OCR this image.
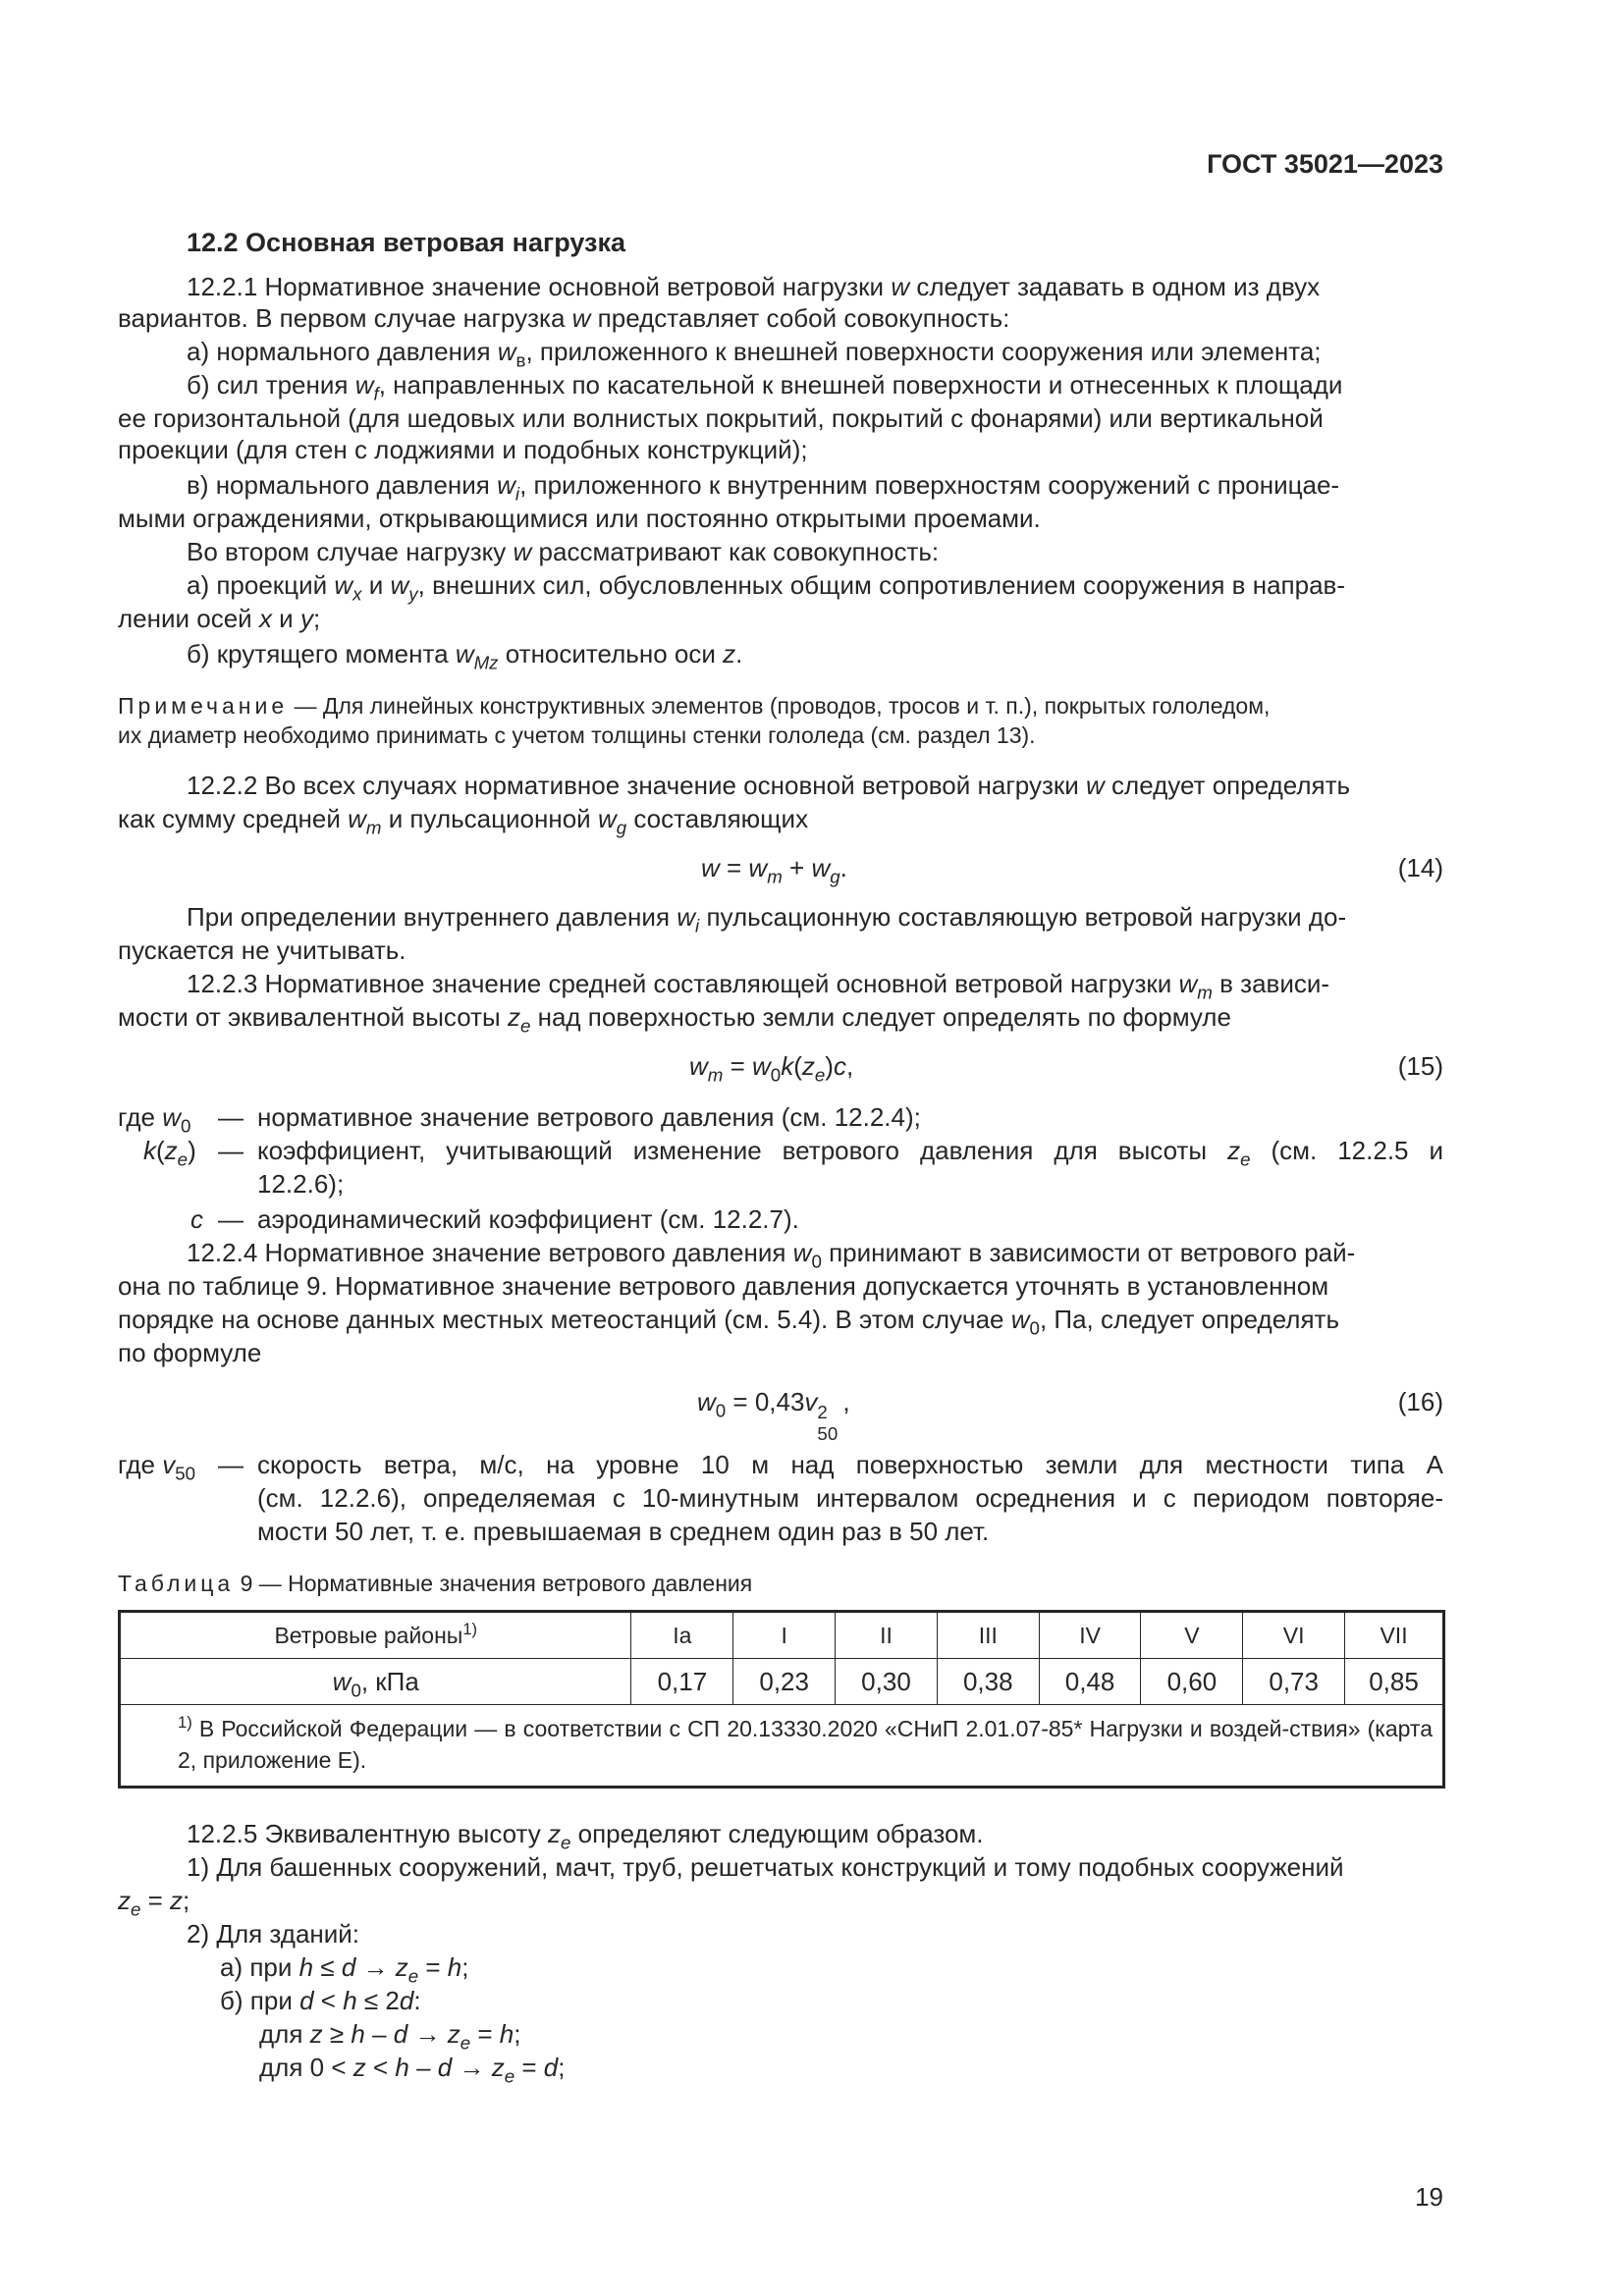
ГОСТ 35021—2023
12.2 Основная ветровая нагрузка
12.2.1 Нормативное значение основной ветровой нагрузки w следует задавать в одном из двух
вариантов. В первом случае нагрузка w представляет собой совокупность:
а) нормального давления $w_в$, приложенного к внешней поверхности сооружения или элемента;
б) сил трения $w_f$, направленных по касательной к внешней поверхности и отнесенных к площади
ее горизонтальной (для шедовых или волнистых покрытий, покрытий с фонарями) или вертикальной
проекции (для стен с лоджиями и подобных конструкций);
в) нормального давления $w_i$, приложенного к внутренним поверхностям сооружений с проницае-
мыми ограждениями, открывающимися или постоянно открытыми проемами.
Во втором случае нагрузку w рассматривают как совокупность:
а) проекций $w_x$ и $w_y$, внешних сил, обусловленных общим сопротивлением сооружения в направ-
лении осей x и y;
б) крутящего момента $w_{Mz}$ относительно оси z.
Примечание — Для линейных конструктивных элементов (проводов, тросов и т. п.), покрытых гололедом,
их диаметр необходимо принимать с учетом толщины стенки гололеда (см. раздел 13).
12.2.2 Во всех случаях нормативное значение основной ветровой нагрузки w следует определять
как сумму средней $w_m$ и пульсационной $w_g$ составляющих
$w = w_m + w_g$.	(14)
При определении внутреннего давления $w_i$ пульсационную составляющую ветровой нагрузки до-
пускается не учитывать.
12.2.3 Нормативное значение средней составляющей основной ветровой нагрузки $w_m$ в зависи-
мости от эквивалентной высоты $z_e$ над поверхностью земли следует определять по формуле
$w_m = w_0k(z_e)c$,	(15)
где $w_0$ — нормативное значение ветрового давления (см. 12.2.4);
$k(z_e)$ — коэффициент, учитывающий изменение ветрового давления для высоты $z_e$ (см. 12.2.5 и
12.2.6);
c — аэродинамический коэффициент (см. 12.2.7).
12.2.4 Нормативное значение ветрового давления $w_0$ принимают в зависимости от ветрового рай-
она по таблице 9. Нормативное значение ветрового давления допускается уточнять в установленном
порядке на основе данных местных метеостанций (см. 5.4). В этом случае $w_0$, Па, следует определять
по формуле
$w_0 = 0,43v$ 2
50
,	(16)
где $v_{50}$ — скорость ветра, м/с, на уровне 10 м над поверхностью земли для местности типа А
(см. 12.2.6), определяемая с 10-минутным интервалом осреднения и с периодом повторяе-
мости 50 лет, т. е. превышаемая в среднем один раз в 50 лет.
Таблица 9 — Нормативные значения ветрового давления
Ветровые районы$^{1)}$	Ia	I	II	III	IV	V	VI	VII
$w_0$, кПа	0,17	0,23	0,30	0,38	0,48	0,60	0,73	0,85
$^{1)}$ В Российской Федерации — в соответствии с СП 20.13330.2020 «СНиП 2.01.07-85* Нагрузки и воздей-ствия» (карта 2, приложение Е).								
12.2.5 Эквивалентную высоту $z_e$ определяют следующим образом.
1) Для башенных сооружений, мачт, труб, решетчатых конструкций и тому подобных сооружений
$z_e = z$;
2) Для зданий:
а) при $h \le d \to z_e = h$;
б) при d < h ≤ 2d:
для $z \ge h - d \to z_e = h$;
для $0 < z < h - d \to z_e = d$;
19
